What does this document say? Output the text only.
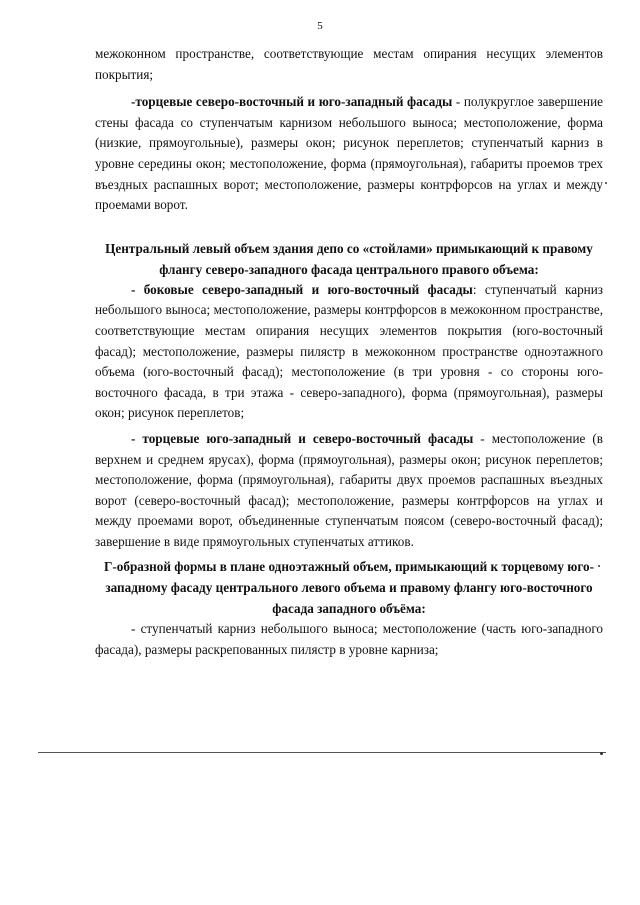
5

межоконном пространстве, соответствующие местам опирания несущих элементов покрытия;

-торцевые северо-восточный и юго-западный фасады - полукруглое завершение стены фасада со ступенчатым карнизом небольшого выноса; местоположение, форма (низкие, прямоугольные), размеры окон; рисунок переплетов; ступенчатый карниз в уровне середины окон; местоположение, форма (прямоугольная), габариты проемов трех въездных распашных ворот; местоположение, размеры контрфорсов на углах и между проемами ворот.

Центральный левый объем здания депо со «стойлами» примыкающий к правому флангу северо-западного фасада центрального правого объема:

- боковые северо-западный и юго-восточный фасады: ступенчатый карниз небольшого выноса; местоположение, размеры контрфорсов в межоконном пространстве, соответствующие местам опирания несущих элементов покрытия (юго-восточный фасад); местоположение, размеры пилястр в межоконном пространстве одноэтажного объема (юго-восточный фасад); местоположение (в три уровня - со стороны юго-восточного фасада, в три этажа - северо-западного), форма (прямоугольная), размеры окон; рисунок переплетов;

- торцевые юго-западный и северо-восточный фасады - местоположение (в верхнем и среднем ярусах), форма (прямоугольная), размеры окон; рисунок переплетов; местоположение, форма (прямоугольная), габариты двух проемов распашных въездных ворот (северо-восточный фасад); местоположение, размеры контрфорсов на углах и между проемами ворот, объединенные ступенчатым поясом (северо-восточный фасад); завершение в виде прямоугольных ступенчатых аттиков.

Г-образной формы в плане одноэтажный объем, примыкающий к торцевому юго-западному фасаду центрального левого объема и правому флангу юго-восточного фасада западного объёма:

- ступенчатый карниз небольшого выноса; местоположение (часть юго-западного фасада), размеры раскрепованных пилястр в уровне карниза;
